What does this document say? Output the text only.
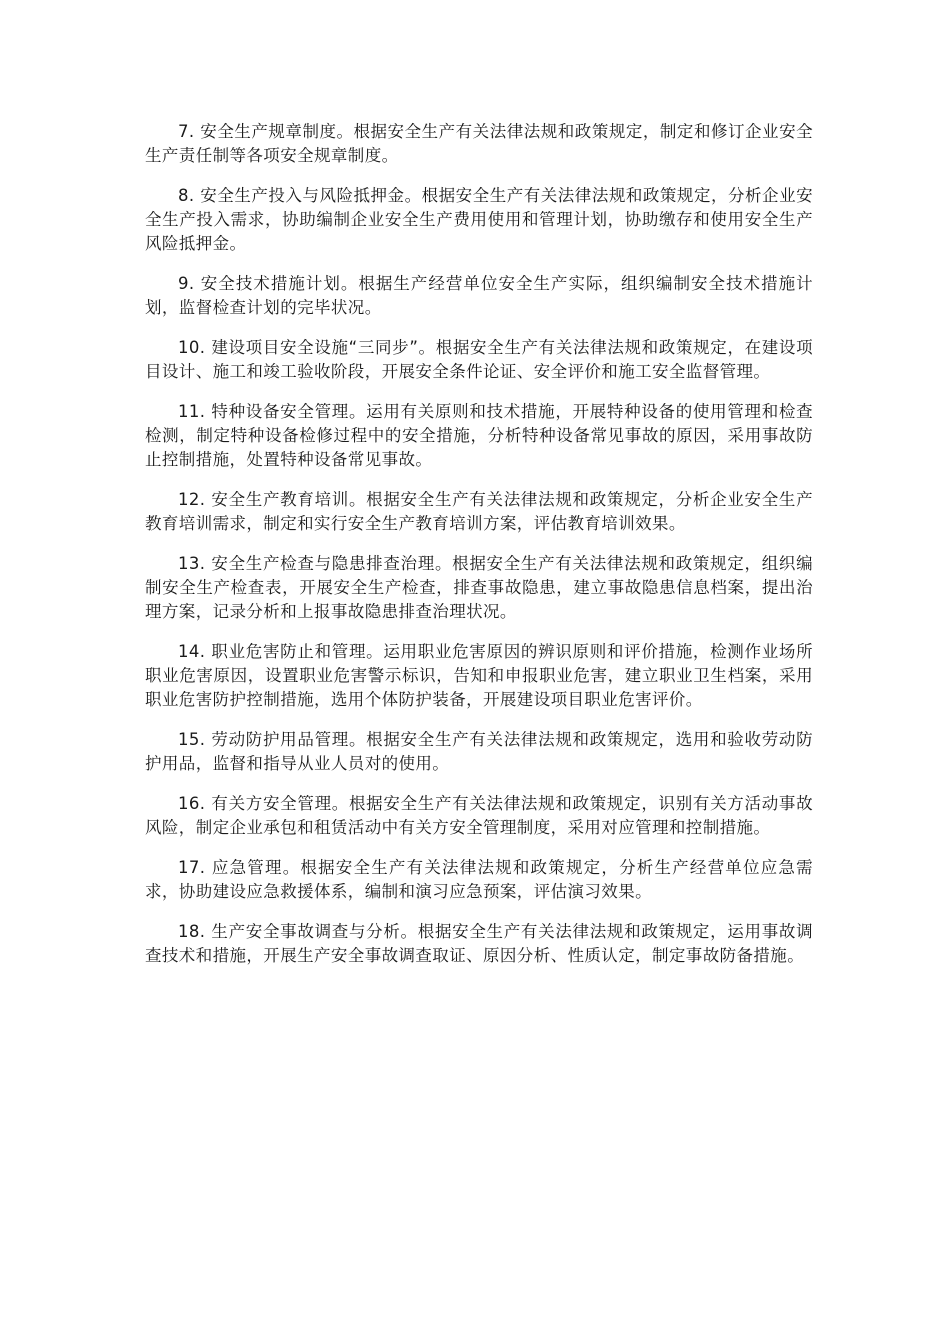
7. 安全生产规章制度。根据安全生产有关法律法规和政策规定，制定和修订企业安全生产责任制等各项安全规章制度。

8. 安全生产投入与风险抵押金。根据安全生产有关法律法规和政策规定，分析企业安全生产投入需求，协助编制企业安全生产费用使用和管理计划，协助缴存和使用安全生产风险抵押金。

9. 安全技术措施计划。根据生产经营单位安全生产实际，组织编制安全技术措施计划，监督检查计划的完毕状况。

10. 建设项目安全设施“三同步”。根据安全生产有关法律法规和政策规定，在建设项目设计、施工和竣工验收阶段，开展安全条件论证、安全评价和施工安全监督管理。

11. 特种设备安全管理。运用有关原则和技术措施，开展特种设备的使用管理和检查检测，制定特种设备检修过程中的安全措施，分析特种设备常见事故的原因，采用事故防止控制措施，处置特种设备常见事故。

12. 安全生产教育培训。根据安全生产有关法律法规和政策规定，分析企业安全生产教育培训需求，制定和实行安全生产教育培训方案，评估教育培训效果。

13. 安全生产检查与隐患排查治理。根据安全生产有关法律法规和政策规定，组织编制安全生产检查表，开展安全生产检查，排查事故隐患，建立事故隐患信息档案，提出治理方案，记录分析和上报事故隐患排查治理状况。

14. 职业危害防止和管理。运用职业危害原因的辨识原则和评价措施，检测作业场所职业危害原因，设置职业危害警示标识，告知和申报职业危害，建立职业卫生档案，采用职业危害防护控制措施，选用个体防护装备，开展建设项目职业危害评价。

15. 劳动防护用品管理。根据安全生产有关法律法规和政策规定，选用和验收劳动防护用品，监督和指导从业人员对的使用。

16. 有关方安全管理。根据安全生产有关法律法规和政策规定，识别有关方活动事故风险，制定企业承包和租赁活动中有关方安全管理制度，采用对应管理和控制措施。

17. 应急管理。根据安全生产有关法律法规和政策规定，分析生产经营单位应急需求，协助建设应急救援体系，编制和演习应急预案，评估演习效果。

18. 生产安全事故调查与分析。根据安全生产有关法律法规和政策规定，运用事故调查技术和措施，开展生产安全事故调查取证、原因分析、性质认定，制定事故防备措施。
